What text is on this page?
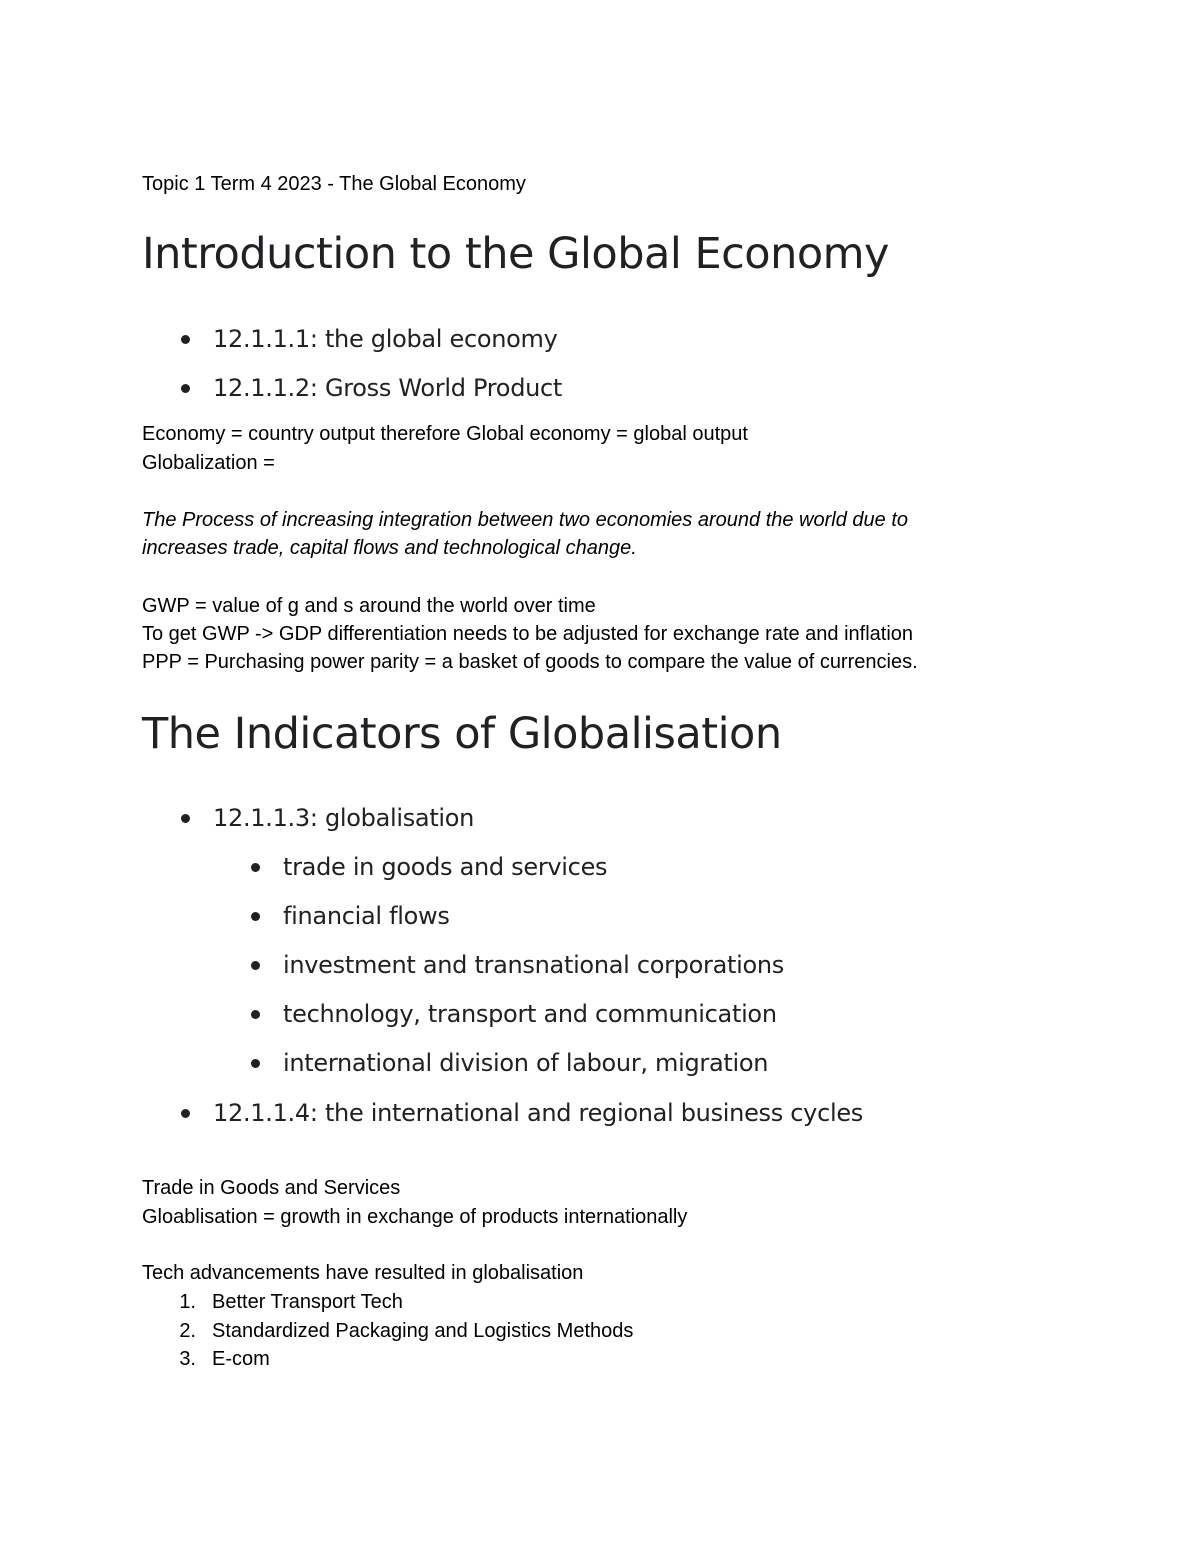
Topic 1 Term 4 2023 - The Global Economy
Introduction to the Global Economy
12.1.1.1: the global economy
12.1.1.2: Gross World Product
Economy = country output therefore Global economy = global output
Globalization =
The Process of increasing integration between two economies around the world due to
increases trade, capital flows and technological change.
GWP = value of g and s around the world over time
To get GWP -> GDP differentiation needs to be adjusted for exchange rate and inflation
PPP = Purchasing power parity = a basket of goods to compare the value of currencies.
The Indicators of Globalisation
12.1.1.3: globalisation
trade in goods and services
financial flows
investment and transnational corporations
technology, transport and communication
international division of labour, migration
12.1.1.4: the international and regional business cycles
Trade in Goods and Services
Gloablisation = growth in exchange of products internationally
Tech advancements have resulted in globalisation
1. Better Transport Tech
2. Standardized Packaging and Logistics Methods
3. E-com
